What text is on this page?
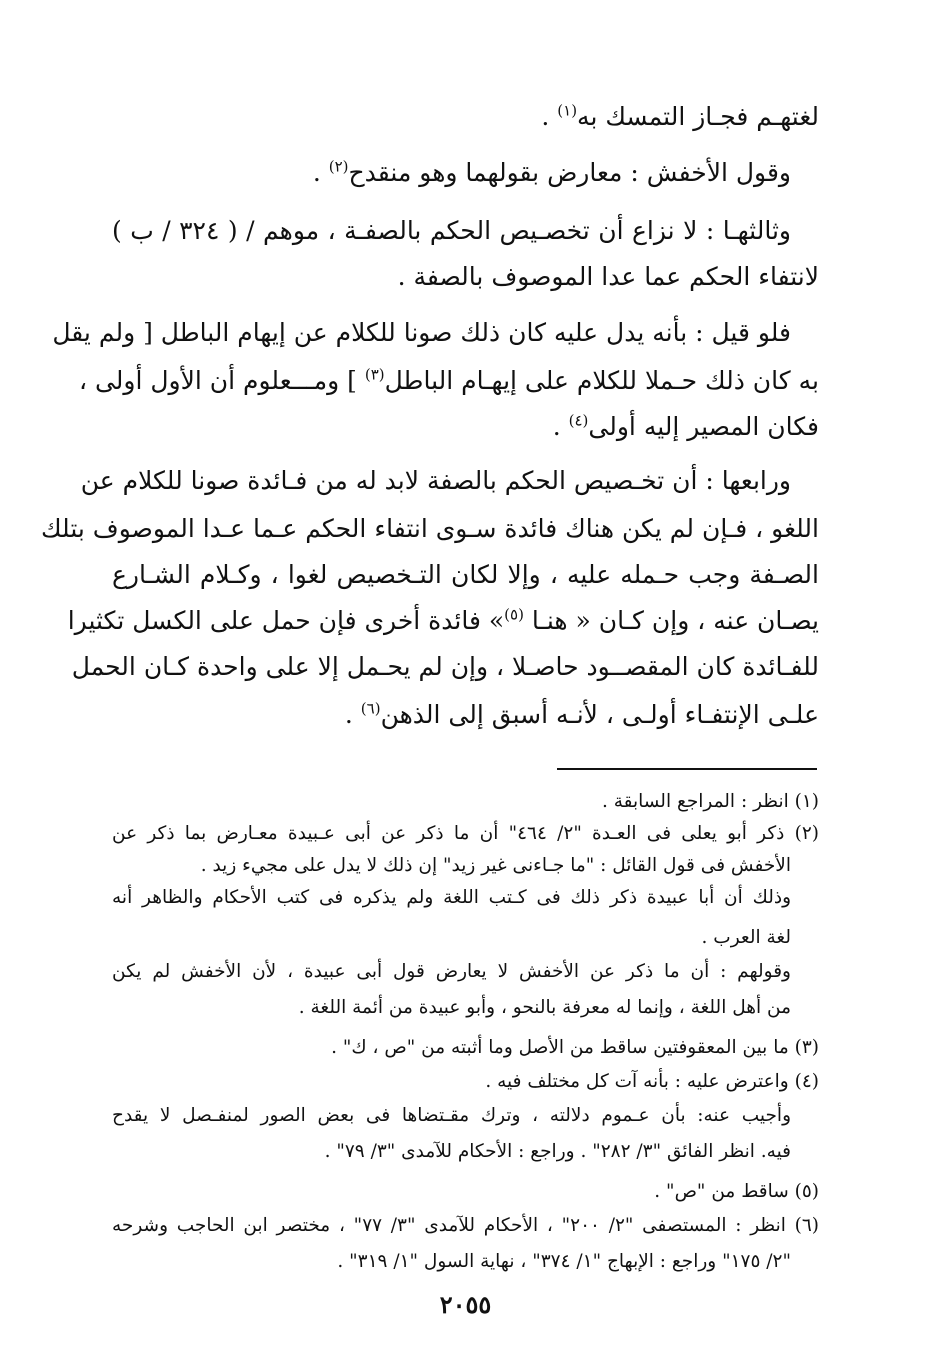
لغتهـم فجـاز التمسك به$^{(١)}$ .
وقول الأخفش : معارض بقولهما وهو منقدح$^{(٢)}$ .
وثالثهـا : لا نزاع أن تخصـيص الحكم بالصفـة ، موهم / ( ٣٢٤ / ب )
لانتفاء الحكم عما عدا الموصوف بالصفة .
فلو قيل : بأنه يدل عليه كان ذلك صونا للكلام عن إيهام الباطل [ ولم يقل
به كان ذلك حـملا للكلام على إيهـام الباطل$^{(٣)}$ ] ومـــعلوم أن الأول أولى ،
فكان المصير إليه أولى$^{(٤)}$ .
ورابعها : أن تخـصيص الحكم بالصفة لابد له من فـائدة صونا للكلام عن
اللغو ، فـإن لم يكن هناك فائدة سـوى انتفاء الحكم عـما عـدا الموصوف بتلك
الصـفة وجب حـمله عليه ، وإلا لكان التـخصيص لغوا ، وكـلام الشـارع
يصـان عنه ، وإن كـان « هنـا $^{(٥)}$» فائدة أخرى فإن حمل على الكسل تكثيرا
للفـائدة كان المقصــود حاصـلا ، وإن لم يحـمل إلا على واحدة كـان الحمل
علـى الإنتفـاء أولـى ، لأنـه أسبق إلى الذهن$^{(٦)}$ .
(١) انظر : المراجع السابقة .
(٢) ذكر أبو يعلى فى العـدة "٢/ ٤٦٤" أن ما ذكر عن أبى عـبيدة معـارض بما ذكر عن
الأخفش فى قول القائل : "ما جـاءنى غير زيد" إن ذلك لا يدل على مجيء زيد .
وذلك أن أبا عبيدة ذكر ذلك فى كـتب اللغة ولم يذكره فى كتب الأحكام والظاهر أنه
لغة العرب .
وقولهم : أن ما ذكر عن الأخفش لا يعارض قول أبى عبيدة ، لأن الأخفش لم يكن
من أهل اللغة ، وإنما له معرفة بالنحو ، وأبو عبيدة من أئمة اللغة .
(٣) ما بين المعقوفتين ساقط من الأصل وما أثبته من "ص ، ك" .
(٤) واعترض عليه : بأنه آت كل مختلف فيه .
وأجيب عنه: بأن عـموم دلالته ، وترك مقـتضاها فى بعض الصور لمنفـصل لا يقدح
فيه. انظر الفائق "٣/ ٢٨٢" . وراجع : الأحكام للآمدى "٣/ ٧٩" .
(٥) ساقط من "ص" .
(٦) انظر : المستصفى "٢/ ٢٠٠" ، الأحكام للآمدى "٣/ ٧٧" ، مختصر ابن الحاجب وشرحه
"٢/ ١٧٥" وراجع : الإبهاج "١/ ٣٧٤" ، نهاية السول "١/ ٣١٩" .
٢٠٥٥
